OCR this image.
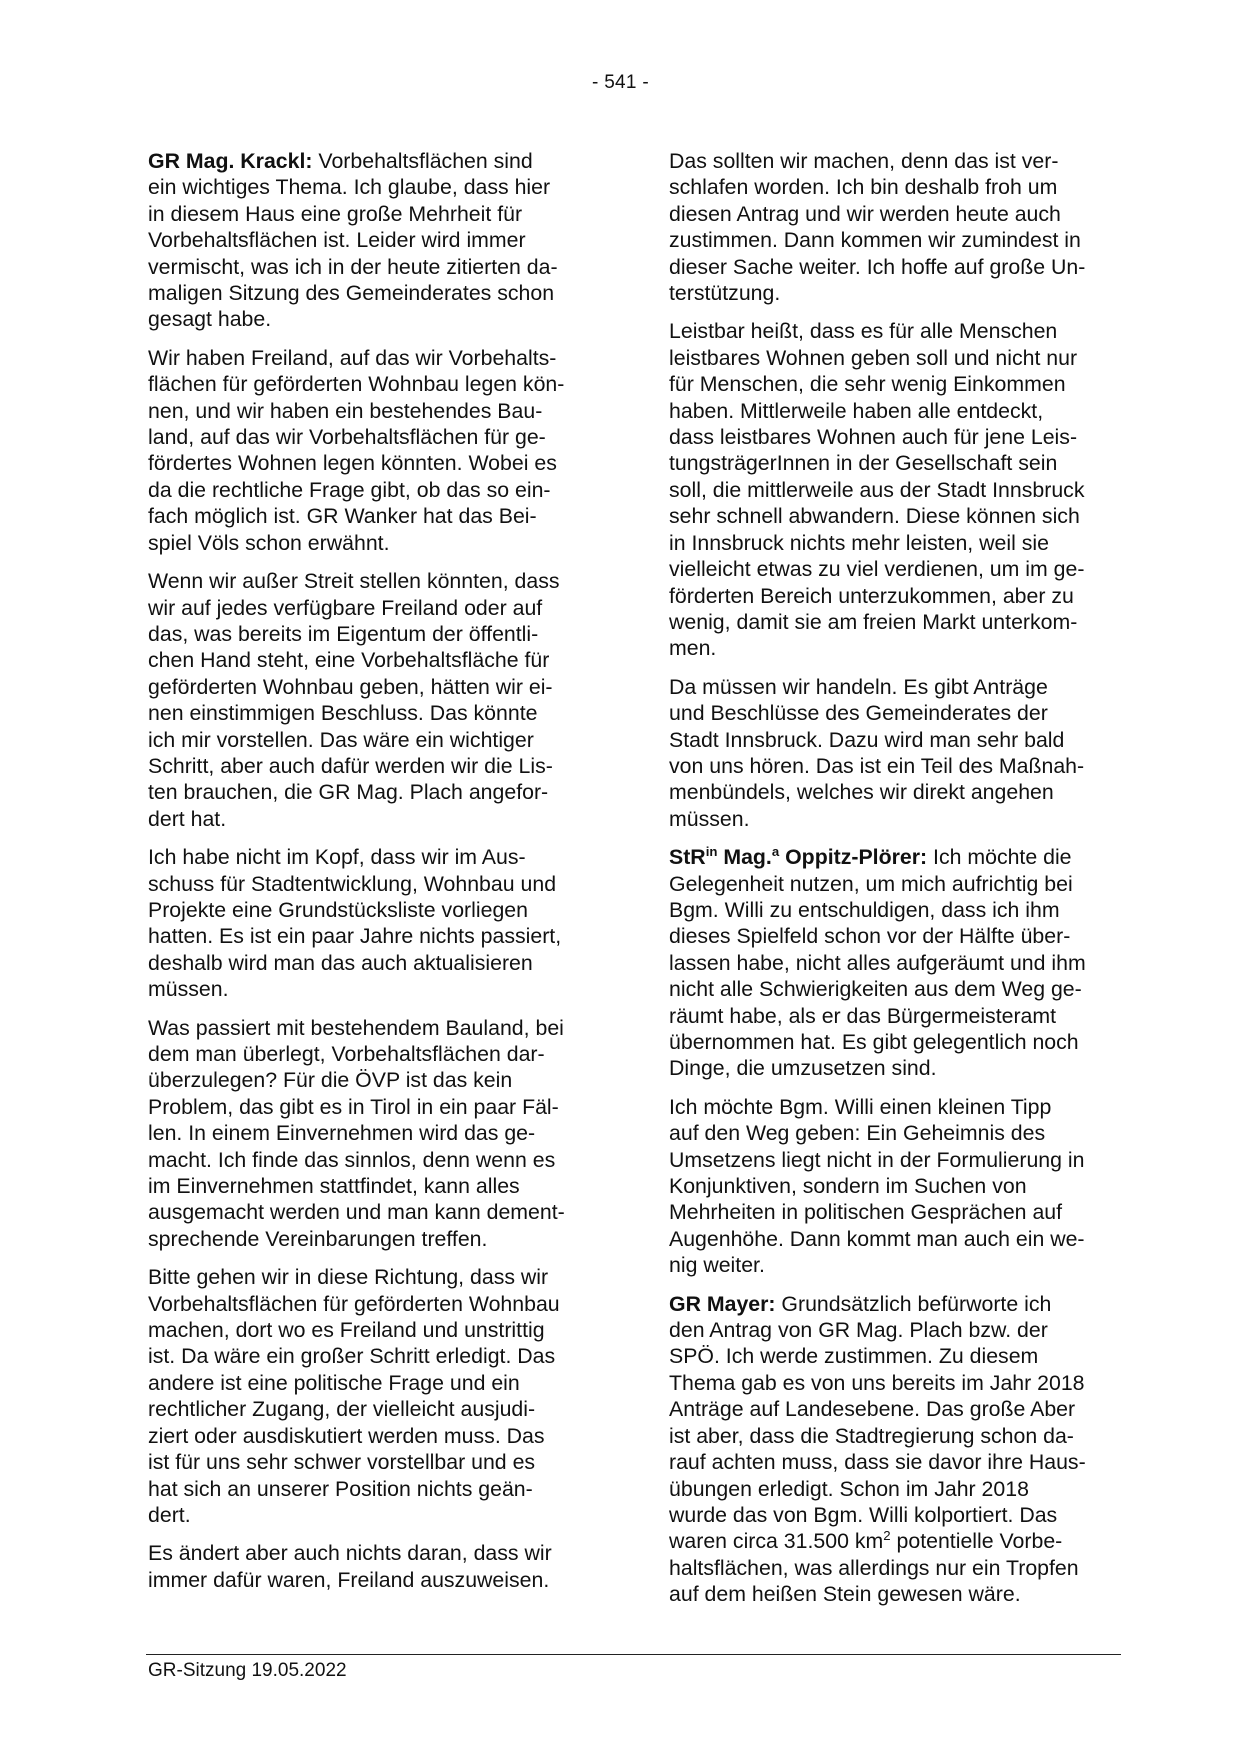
- 541 -

GR Mag. Krackl: Vorbehaltsflächen sind
ein wichtiges Thema. Ich glaube, dass hier
in diesem Haus eine große Mehrheit für
Vorbehaltsflächen ist. Leider wird immer
vermischt, was ich in der heute zitierten da-
maligen Sitzung des Gemeinderates schon
gesagt habe.

Wir haben Freiland, auf das wir Vorbehalts-
flächen für geförderten Wohnbau legen kön-
nen, und wir haben ein bestehendes Bau-
land, auf das wir Vorbehaltsflächen für ge-
fördertes Wohnen legen könnten. Wobei es
da die rechtliche Frage gibt, ob das so ein-
fach möglich ist. GR Wanker hat das Bei-
spiel Völs schon erwähnt.

Wenn wir außer Streit stellen könnten, dass
wir auf jedes verfügbare Freiland oder auf
das, was bereits im Eigentum der öffentli-
chen Hand steht, eine Vorbehaltsfläche für
geförderten Wohnbau geben, hätten wir ei-
nen einstimmigen Beschluss. Das könnte
ich mir vorstellen. Das wäre ein wichtiger
Schritt, aber auch dafür werden wir die Lis-
ten brauchen, die GR Mag. Plach angefor-
dert hat.

Ich habe nicht im Kopf, dass wir im Aus-
schuss für Stadtentwicklung, Wohnbau und
Projekte eine Grundstücksliste vorliegen
hatten. Es ist ein paar Jahre nichts passiert,
deshalb wird man das auch aktualisieren
müssen.

Was passiert mit bestehendem Bauland, bei
dem man überlegt, Vorbehaltsflächen dar-
überzulegen? Für die ÖVP ist das kein
Problem, das gibt es in Tirol in ein paar Fäl-
len. In einem Einvernehmen wird das ge-
macht. Ich finde das sinnlos, denn wenn es
im Einvernehmen stattfindet, kann alles
ausgemacht werden und man kann dement-
sprechende Vereinbarungen treffen.

Bitte gehen wir in diese Richtung, dass wir
Vorbehaltsflächen für geförderten Wohnbau
machen, dort wo es Freiland und unstrittig
ist. Da wäre ein großer Schritt erledigt. Das
andere ist eine politische Frage und ein
rechtlicher Zugang, der vielleicht ausjudi-
ziert oder ausdiskutiert werden muss. Das
ist für uns sehr schwer vorstellbar und es
hat sich an unserer Position nichts geän-
dert.

Es ändert aber auch nichts daran, dass wir
immer dafür waren, Freiland auszuweisen.

Das sollten wir machen, denn das ist ver-
schlafen worden. Ich bin deshalb froh um
diesen Antrag und wir werden heute auch
zustimmen. Dann kommen wir zumindest in
dieser Sache weiter. Ich hoffe auf große Un-
terstützung.

Leistbar heißt, dass es für alle Menschen
leistbares Wohnen geben soll und nicht nur
für Menschen, die sehr wenig Einkommen
haben. Mittlerweile haben alle entdeckt,
dass leistbares Wohnen auch für jene Leis-
tungsträgerInnen in der Gesellschaft sein
soll, die mittlerweile aus der Stadt Innsbruck
sehr schnell abwandern. Diese können sich
in Innsbruck nichts mehr leisten, weil sie
vielleicht etwas zu viel verdienen, um im ge-
förderten Bereich unterzukommen, aber zu
wenig, damit sie am freien Markt unterkom-
men.

Da müssen wir handeln. Es gibt Anträge
und Beschlüsse des Gemeinderates der
Stadt Innsbruck. Dazu wird man sehr bald
von uns hören. Das ist ein Teil des Maßnah-
menbündels, welches wir direkt angehen
müssen.

StR$^{in}$ Mag.$^a$ Oppitz-Plörer: Ich möchte die
Gelegenheit nutzen, um mich aufrichtig bei
Bgm. Willi zu entschuldigen, dass ich ihm
dieses Spielfeld schon vor der Hälfte über-
lassen habe, nicht alles aufgeräumt und ihm
nicht alle Schwierigkeiten aus dem Weg ge-
räumt habe, als er das Bürgermeisteramt
übernommen hat. Es gibt gelegentlich noch
Dinge, die umzusetzen sind.

Ich möchte Bgm. Willi einen kleinen Tipp
auf den Weg geben: Ein Geheimnis des
Umsetzens liegt nicht in der Formulierung in
Konjunktiven, sondern im Suchen von
Mehrheiten in politischen Gesprächen auf
Augenhöhe. Dann kommt man auch ein we-
nig weiter.

GR Mayer: Grundsätzlich befürworte ich
den Antrag von GR Mag. Plach bzw. der
SPÖ. Ich werde zustimmen. Zu diesem
Thema gab es von uns bereits im Jahr 2018
Anträge auf Landesebene. Das große Aber
ist aber, dass die Stadtregierung schon da-
rauf achten muss, dass sie davor ihre Haus-
übungen erledigt. Schon im Jahr 2018
wurde das von Bgm. Willi kolportiert. Das
waren circa 31.500 $km^2$ potentielle Vorbe-
haltsflächen, was allerdings nur ein Tropfen
auf dem heißen Stein gewesen wäre.

GR-Sitzung 19.05.2022
